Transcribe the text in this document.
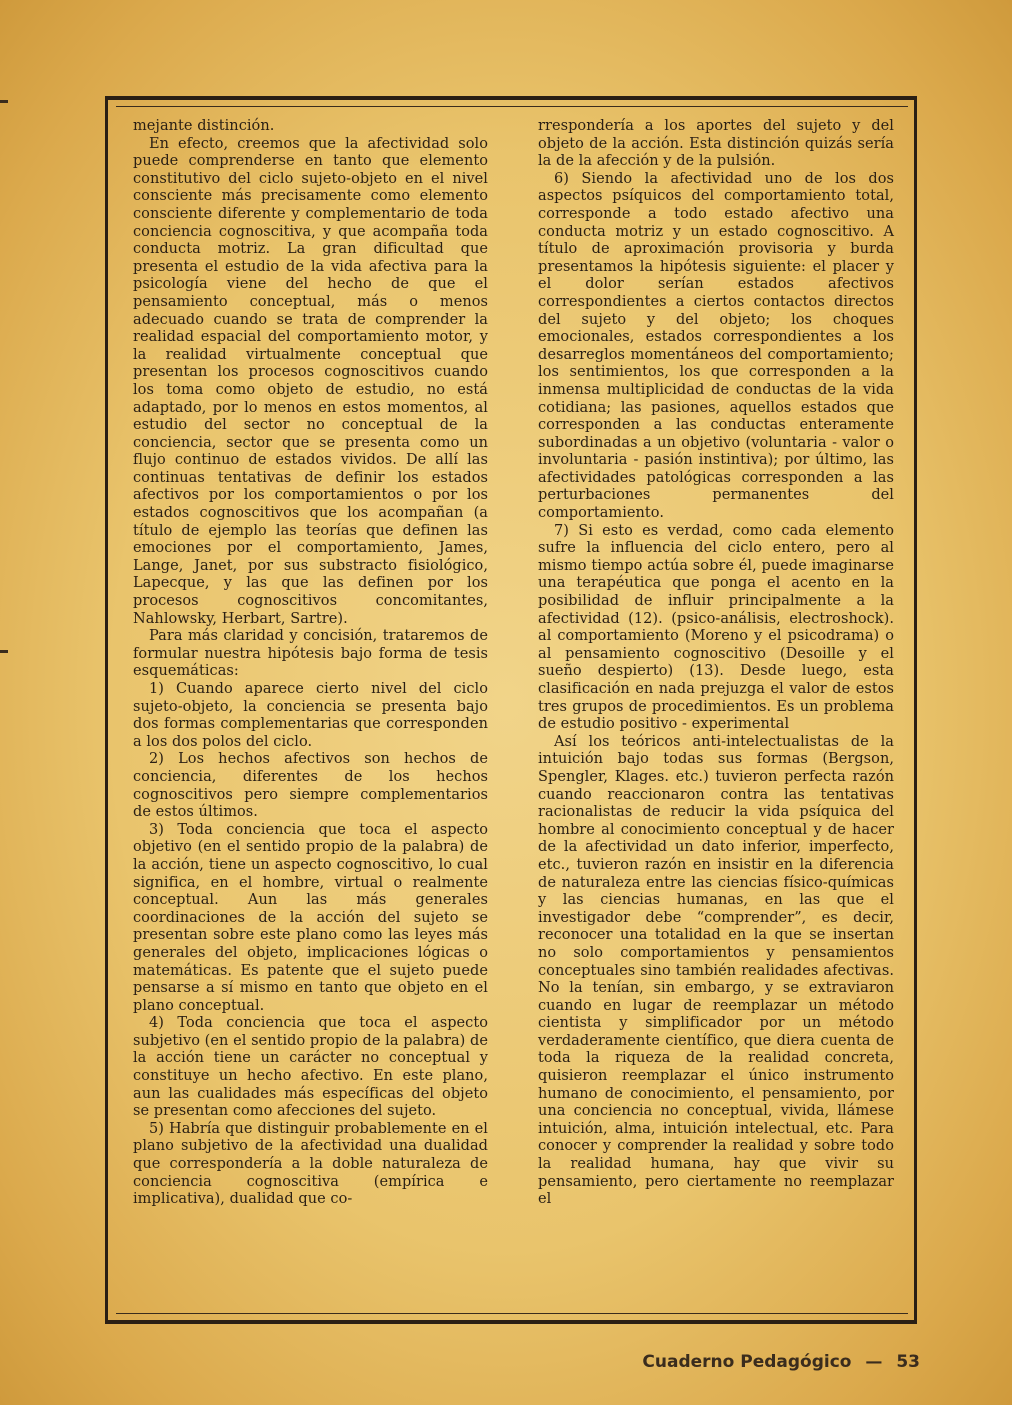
mejante distinción.

En efecto, creemos que la afectividad solo puede comprenderse en tanto que elemento constitutivo del ciclo sujeto-objeto en el nivel consciente más precisamente como elemento consciente diferente y complementario de toda conciencia cognoscitiva, y que acompaña toda conducta motriz. La gran dificultad que presenta el estudio de la vida afectiva para la psicología viene del hecho de que el pensamiento conceptual, más o menos adecuado cuando se trata de comprender la realidad espacial del comportamiento motor, y la realidad virtualmente conceptual que presentan los procesos cognoscitivos cuando los toma como objeto de estudio, no está adaptado, por lo menos en estos momentos, al estudio del sector no conceptual de la conciencia, sector que se presenta como un flujo continuo de estados vividos. De allí las continuas tentativas de definir los estados afectivos por los comportamientos o por los estados cognoscitivos que los acompañan (a título de ejemplo las teorías que definen las emociones por el comportamiento, James, Lange, Janet, por sus substracto fisiológico, Lapecque, y las que las definen por los procesos cognoscitivos concomitantes, Nahlowsky, Herbart, Sartre).

Para más claridad y concisión, trataremos de formular nuestra hipótesis bajo forma de tesis esquemáticas:

1) Cuando aparece cierto nivel del ciclo sujeto-objeto, la conciencia se presenta bajo dos formas complementarias que corresponden a los dos polos del ciclo.

2) Los hechos afectivos son hechos de conciencia, diferentes de los hechos cognoscitivos pero siempre complementarios de estos últimos.

3) Toda conciencia que toca el aspecto objetivo (en el sentido propio de la palabra) de la acción, tiene un aspecto cognoscitivo, lo cual significa, en el hombre, virtual o realmente conceptual. Aun las más generales coordinaciones de la acción del sujeto se presentan sobre este plano como las leyes más generales del objeto, implicaciones lógicas o matemáticas. Es patente que el sujeto puede pensarse a sí mismo en tanto que objeto en el plano conceptual.

4) Toda conciencia que toca el aspecto subjetivo (en el sentido propio de la palabra) de la acción tiene un carácter no conceptual y constituye un hecho afectivo. En este plano, aun las cualidades más específicas del objeto se presentan como afecciones del sujeto.

5) Habría que distinguir probablemente en el plano subjetivo de la afectividad una dualidad que correspondería a la doble naturaleza de conciencia cognoscitiva (empírica e implicativa), dualidad que co-

rrespondería a los aportes del sujeto y del objeto de la acción. Esta distinción quizás sería la de la afección y de la pulsión.

6) Siendo la afectividad uno de los dos aspectos psíquicos del comportamiento total, corresponde a todo estado afectivo una conducta motriz y un estado cognoscitivo. A título de aproximación provisoria y burda presentamos la hipótesis siguiente: el placer y el dolor serían estados afectivos correspondientes a ciertos contactos directos del sujeto y del objeto; los choques emocionales, estados correspondientes a los desarreglos momentáneos del comportamiento; los sentimientos, los que corresponden a la inmensa multiplicidad de conductas de la vida cotidiana; las pasiones, aquellos estados que corresponden a las conductas enteramente subordinadas a un objetivo (voluntaria - valor o involuntaria - pasión instintiva); por último, las afectividades patológicas corresponden a las perturbaciones permanentes del comportamiento.

7) Si esto es verdad, como cada elemento sufre la influencia del ciclo entero, pero al mismo tiempo actúa sobre él, puede imaginarse una terapéutica que ponga el acento en la posibilidad de influir principalmente a la afectividad (12). (psico-análisis, electroshock). al comportamiento (Moreno y el psicodrama) o al pensamiento cognoscitivo (Desoille y el sueño despierto) (13). Desde luego, esta clasificación en nada prejuzga el valor de estos tres grupos de procedimientos. Es un problema de estudio positivo - experimental

Así los teóricos anti-intelectualistas de la intuición bajo todas sus formas (Bergson, Spengler, Klages. etc.) tuvieron perfecta razón cuando reaccionaron contra las tentativas racionalistas de reducir la vida psíquica del hombre al conocimiento conceptual y de hacer de la afectividad un dato inferior, imperfecto, etc., tuvieron razón en insistir en la diferencia de naturaleza entre las ciencias físico-químicas y las ciencias humanas, en las que el investigador debe “comprender”, es decir, reconocer una totalidad en la que se insertan no solo comportamientos y pensamientos conceptuales sino también realidades afectivas. No la tenían, sin embargo, y se extraviaron cuando en lugar de reemplazar un método cientista y simplificador por un método verdaderamente científico, que diera cuenta de toda la riqueza de la realidad concreta, quisieron reemplazar el único instrumento humano de conocimiento, el pensamiento, por una conciencia no conceptual, vivida, llámese intuición, alma, intuición intelectual, etc. Para conocer y comprender la realidad y sobre todo la realidad humana, hay que vivir su pensamiento, pero ciertamente no reemplazar el

Cuaderno Pedagógico — 53
